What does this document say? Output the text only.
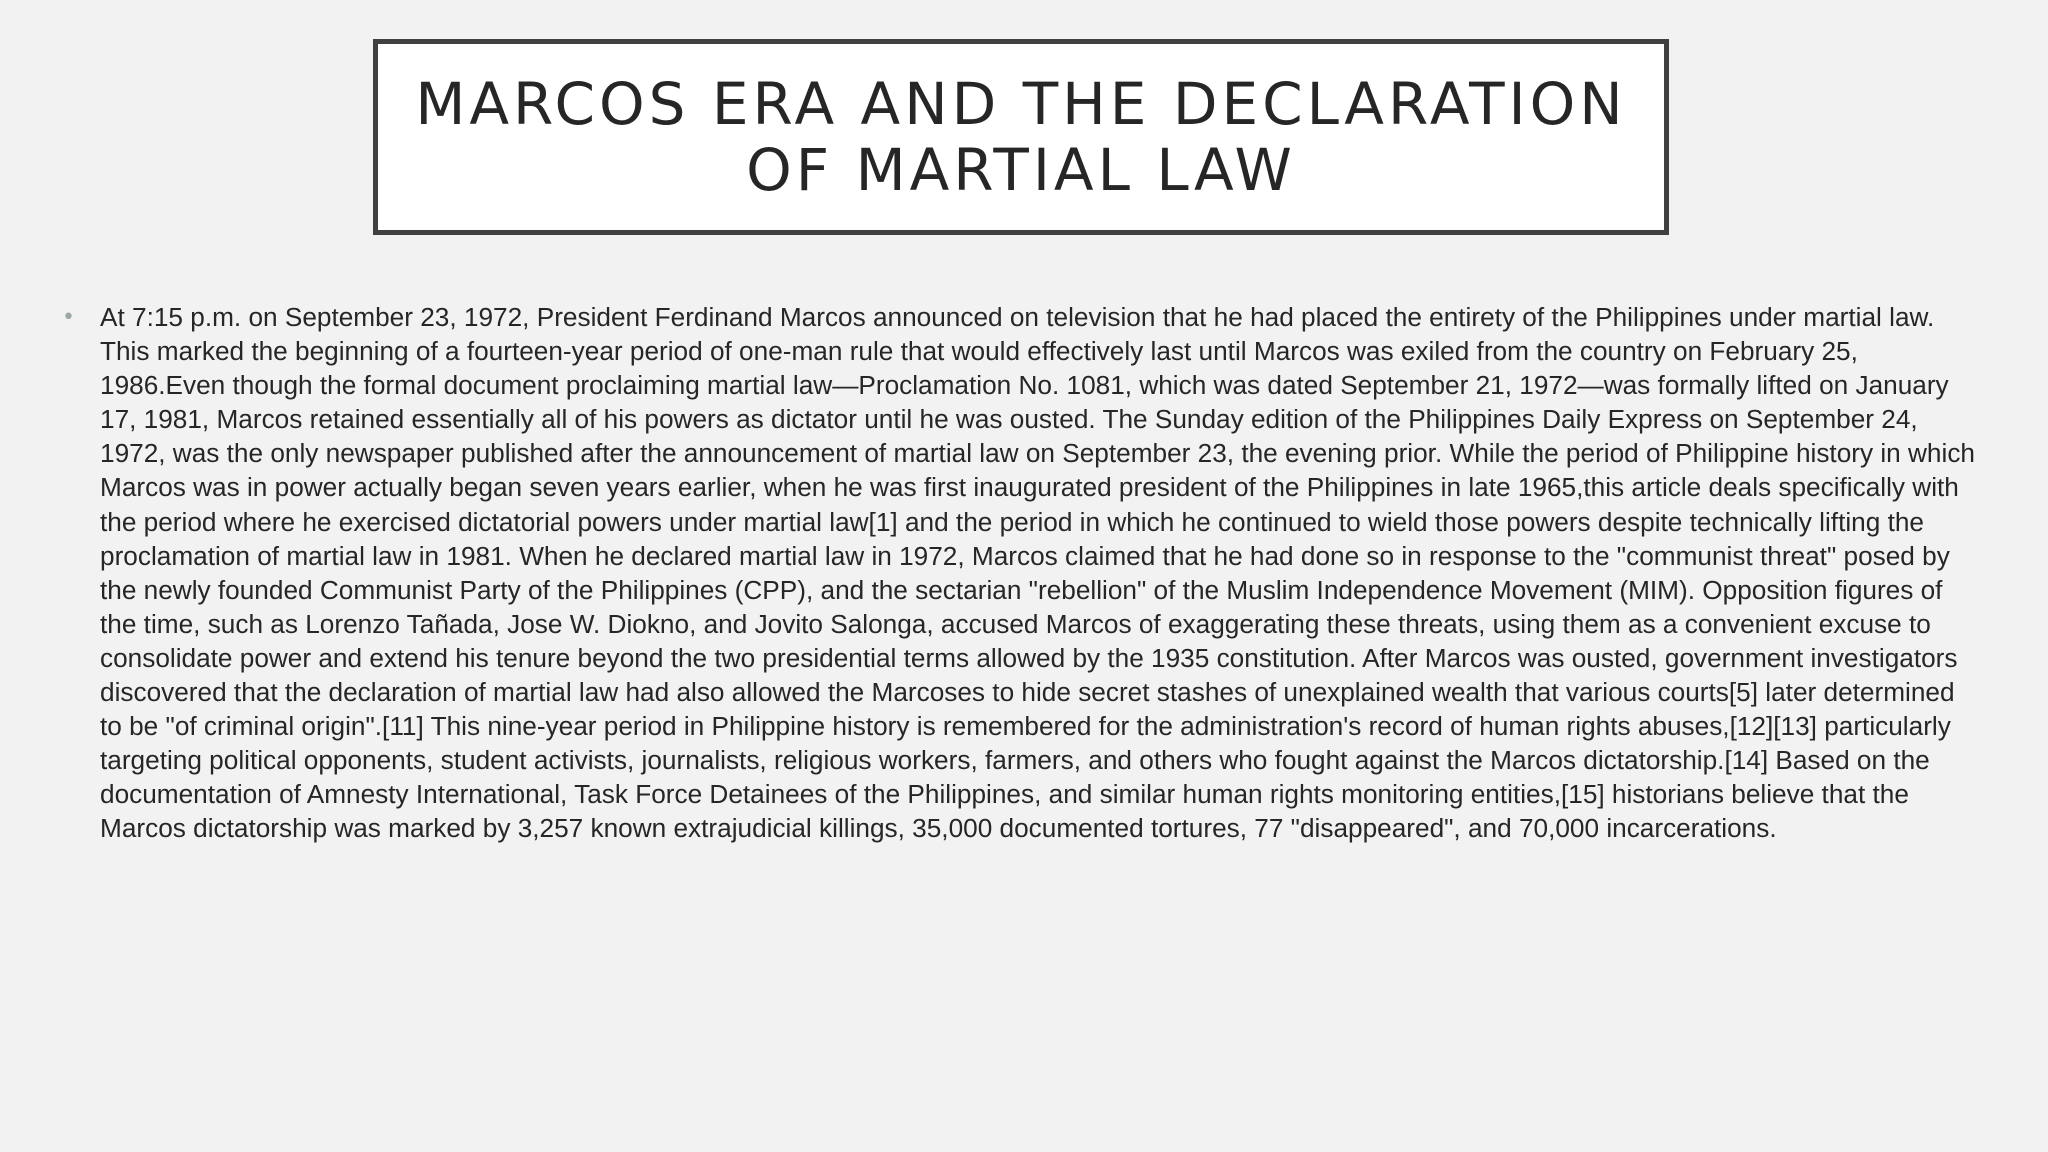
MARCOS ERA AND THE DECLARATION OF MARTIAL LAW
• At 7:15 p.m. on September 23, 1972, President Ferdinand Marcos announced on television that he had placed the entirety of the Philippines under martial law. This marked the beginning of a fourteen-year period of one-man rule that would effectively last until Marcos was exiled from the country on February 25, 1986.Even though the formal document proclaiming martial law—Proclamation No. 1081, which was dated September 21, 1972—was formally lifted on January 17, 1981, Marcos retained essentially all of his powers as dictator until he was ousted. The Sunday edition of the Philippines Daily Express on September 24, 1972, was the only newspaper published after the announcement of martial law on September 23, the evening prior. While the period of Philippine history in which Marcos was in power actually began seven years earlier, when he was first inaugurated president of the Philippines in late 1965,this article deals specifically with the period where he exercised dictatorial powers under martial law[1] and the period in which he continued to wield those powers despite technically lifting the proclamation of martial law in 1981. When he declared martial law in 1972, Marcos claimed that he had done so in response to the "communist threat" posed by the newly founded Communist Party of the Philippines (CPP), and the sectarian "rebellion" of the Muslim Independence Movement (MIM). Opposition figures of the time, such as Lorenzo Tañada, Jose W. Diokno, and Jovito Salonga, accused Marcos of exaggerating these threats, using them as a convenient excuse to consolidate power and extend his tenure beyond the two presidential terms allowed by the 1935 constitution. After Marcos was ousted, government investigators discovered that the declaration of martial law had also allowed the Marcoses to hide secret stashes of unexplained wealth that various courts[5] later determined to be "of criminal origin".[11] This nine-year period in Philippine history is remembered for the administration's record of human rights abuses,[12][13] particularly targeting political opponents, student activists, journalists, religious workers, farmers, and others who fought against the Marcos dictatorship.[14] Based on the documentation of Amnesty International, Task Force Detainees of the Philippines, and similar human rights monitoring entities,[15] historians believe that the Marcos dictatorship was marked by 3,257 known extrajudicial killings, 35,000 documented tortures, 77 "disappeared", and 70,000 incarcerations.
